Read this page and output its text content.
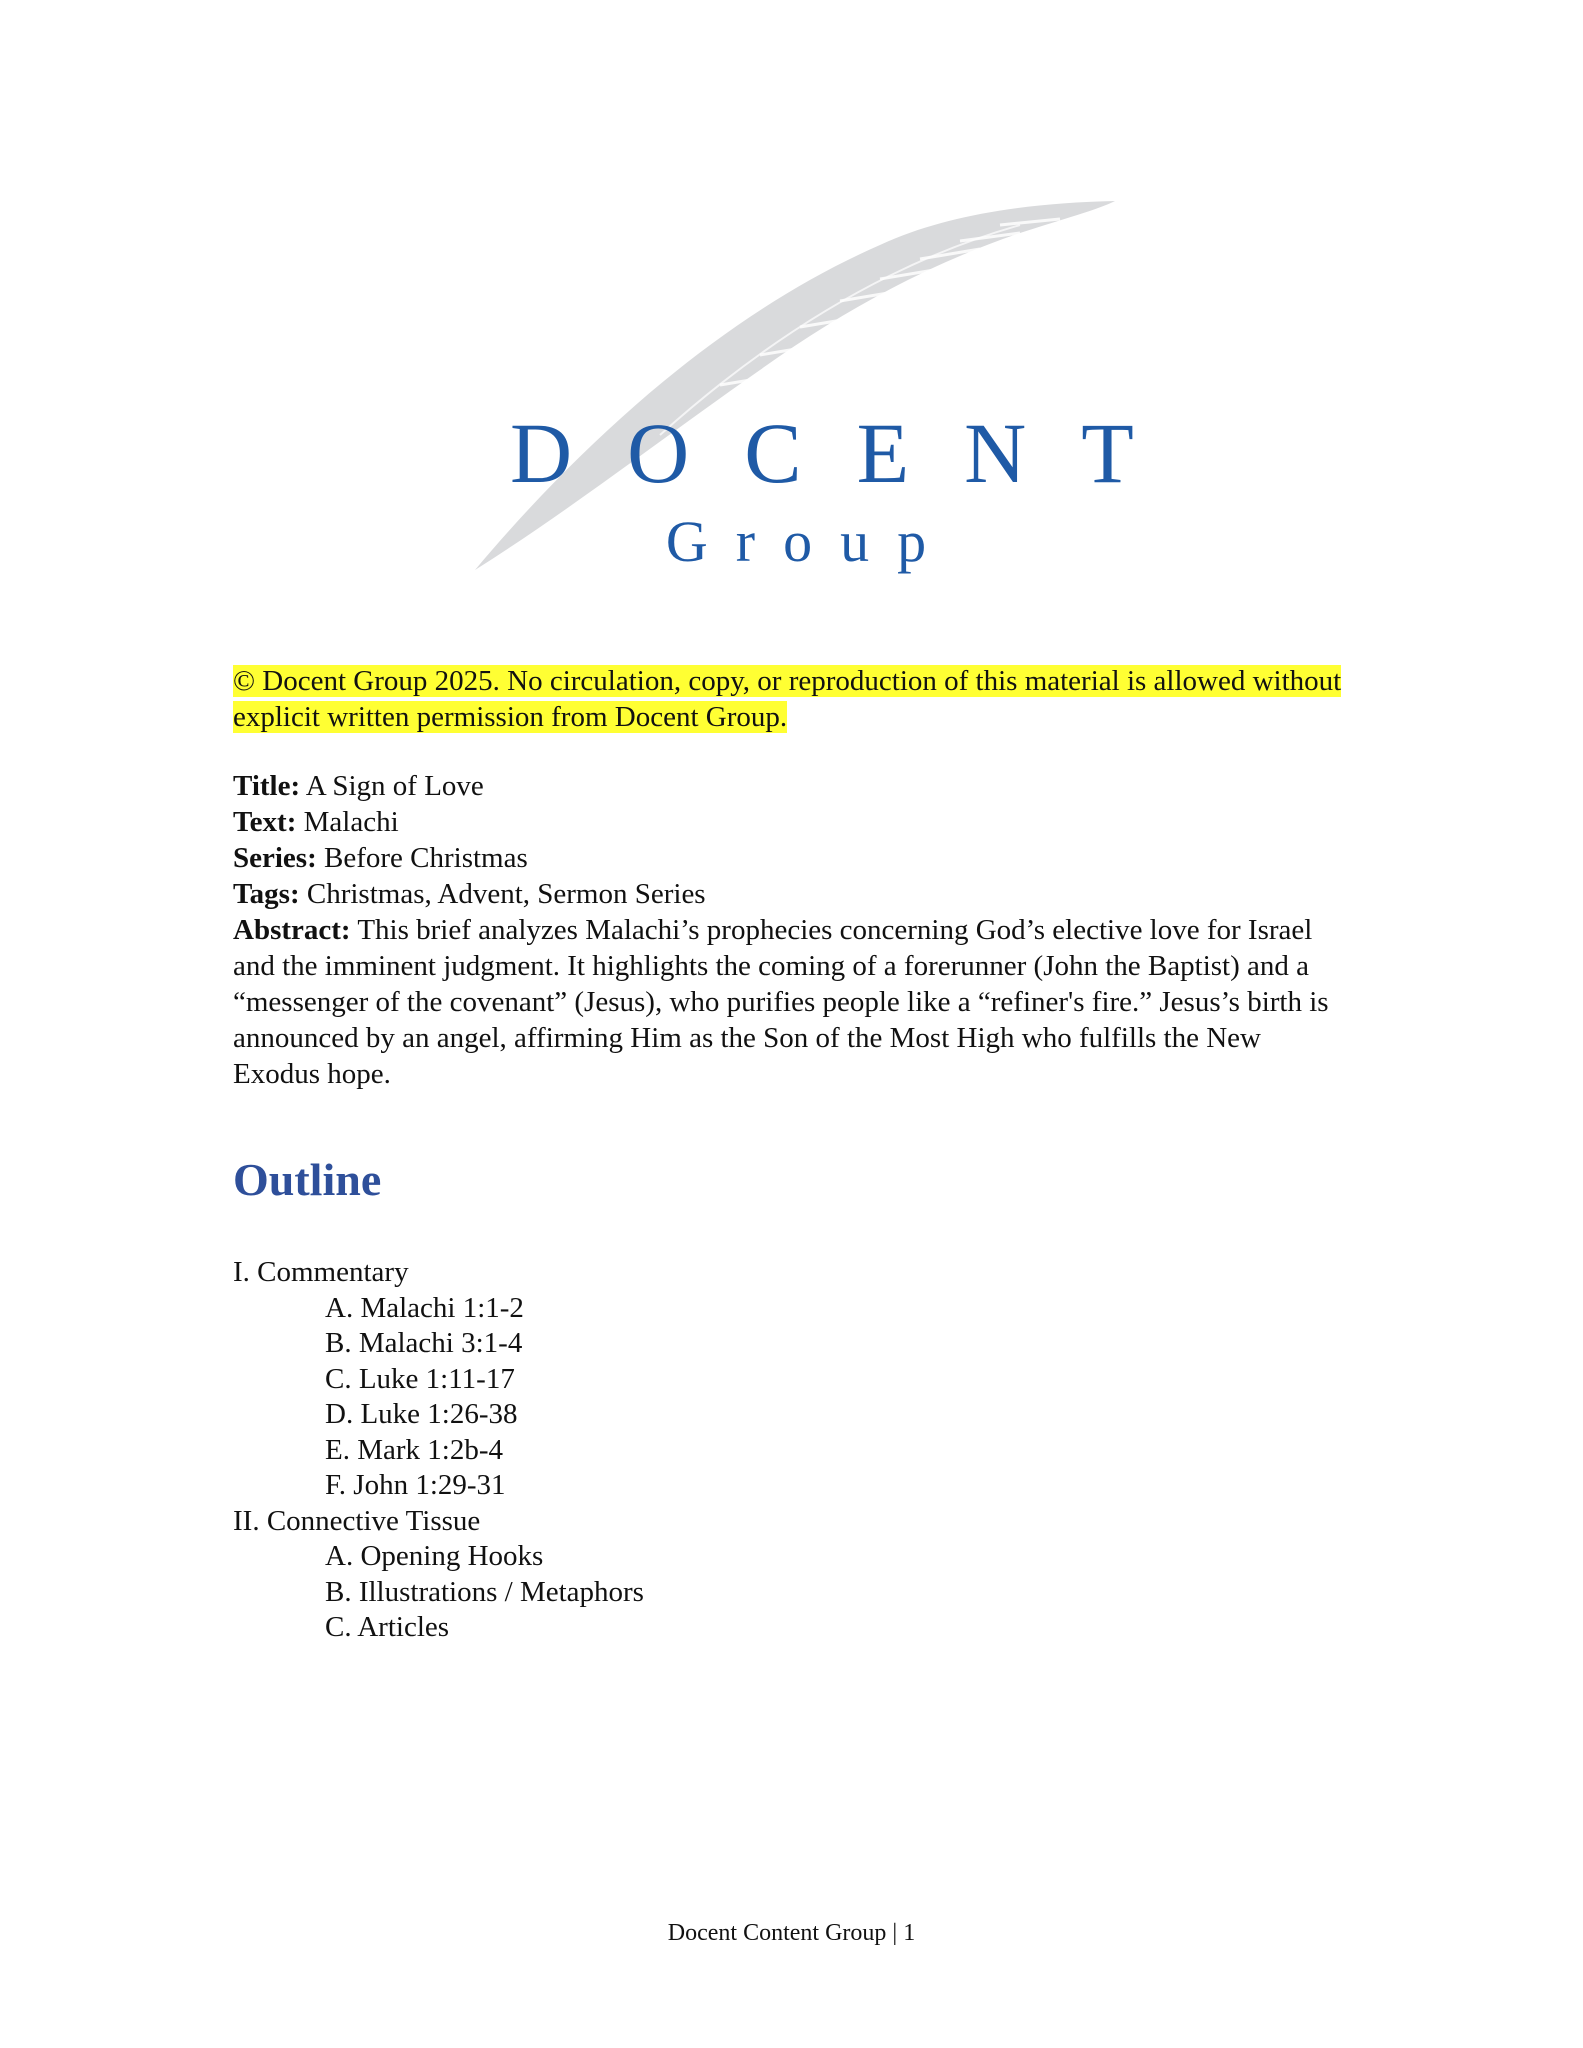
DOCENT
Group
© Docent Group 2025. No circulation, copy, or reproduction of this material is allowed without explicit written permission from Docent Group.

Title: A Sign of Love

Text: Malachi

Series: Before Christmas

Tags: Christmas, Advent, Sermon Series

Abstract: This brief analyzes Malachi’s prophecies concerning God’s elective love for Israel and the imminent judgment. It highlights the coming of a forerunner (John the Baptist) and a “messenger of the covenant” (Jesus), who purifies people like a “refiner's fire.” Jesus’s birth is announced by an angel, affirming Him as the Son of the Most High who fulfills the New Exodus hope.

Outline
I. Commentary
A. Malachi 1:1-2
B. Malachi 3:1-4
C. Luke 1:11-17
D. Luke 1:26-38
E. Mark 1:2b-4
F. John 1:29-31
II. Connective Tissue
A. Opening Hooks
B. Illustrations / Metaphors
C. Articles
Docent Content Group | 1
